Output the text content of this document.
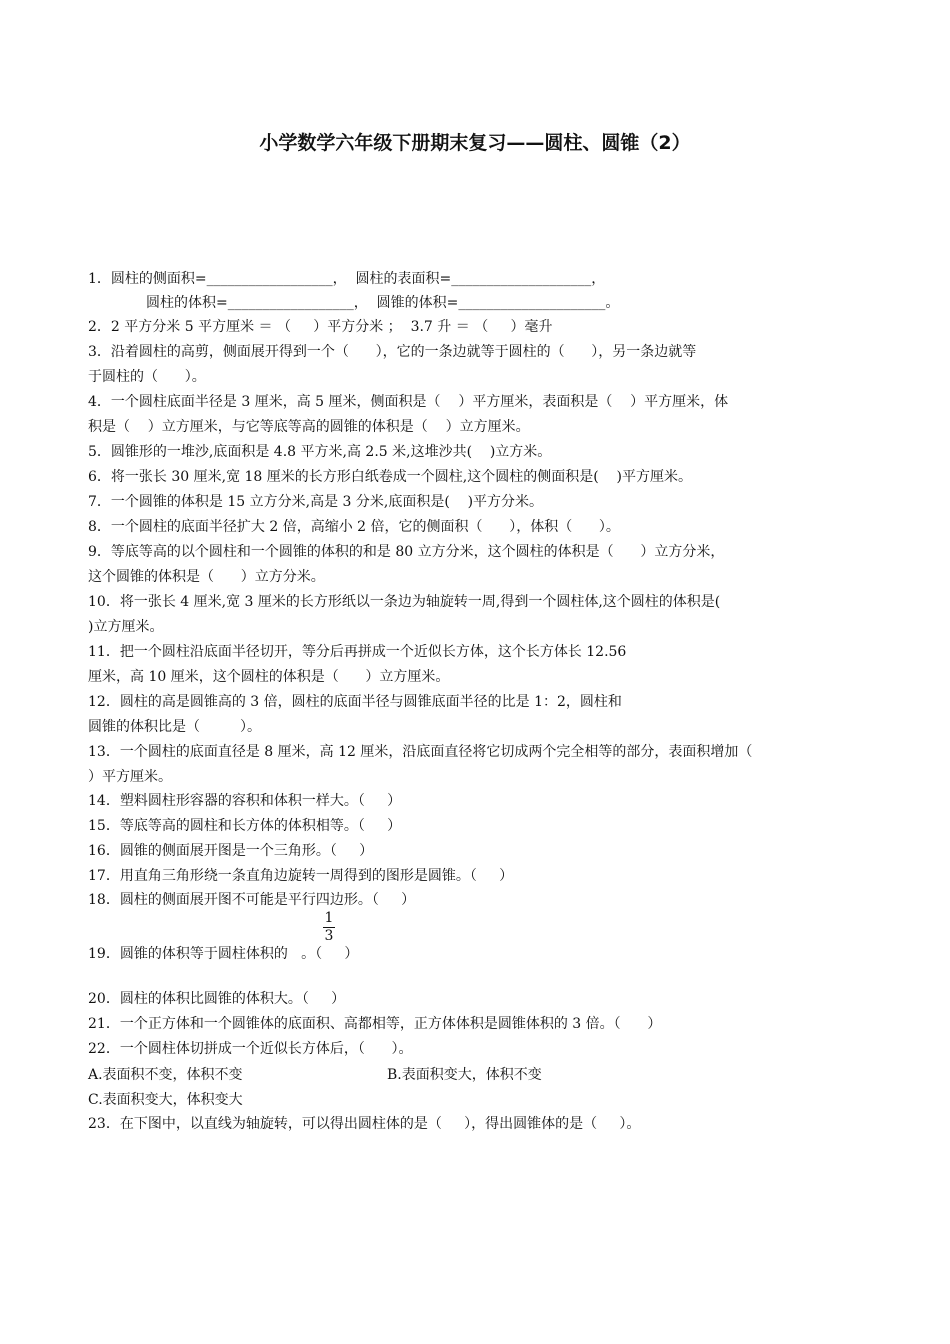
小学数学六年级下册期末复习——圆柱、圆锥（2）
1．圆柱的侧面积=__________________，  圆柱的表面积=____________________，
圆柱的体积=__________________，  圆锥的体积=_____________________。
2．2 平方分米 5 平方厘米 ＝ （     ）平方分米 ；  3.7 升 ＝ （     ）毫升
3．沿着圆柱的高剪，侧面展开得到一个（      ），它的一条边就等于圆柱的（      ），另一条边就等
于圆柱的（      ）。
4．一个圆柱底面半径是 3 厘米，高 5 厘米，侧面积是（    ）平方厘米，表面积是（    ）平方厘米，体
积是（    ）立方厘米，与它等底等高的圆锥的体积是（    ）立方厘米。
5．圆锥形的一堆沙,底面积是 4.8 平方米,高 2.5 米,这堆沙共(    )立方米。
6．将一张长 30 厘米,宽 18 厘米的长方形白纸卷成一个圆柱,这个圆柱的侧面积是(    )平方厘米。
7．一个圆锥的体积是 15 立方分米,高是 3 分米,底面积是(    )平方分米。
8．一个圆柱的底面半径扩大 2 倍，高缩小 2 倍，它的侧面积（      ），体积（      ）。
9．等底等高的以个圆柱和一个圆锥的体积的和是 80 立方分米，这个圆柱的体积是（      ）立方分米，
这个圆锥的体积是（      ）立方分米。
10．将一张长 4 厘米,宽 3 厘米的长方形纸以一条边为轴旋转一周,得到一个圆柱体,这个圆柱的体积是(
)立方厘米。
11．把一个圆柱沿底面半径切开，等分后再拼成一个近似长方体，这个长方体长 12.56
厘米，高 10 厘米，这个圆柱的体积是（      ）立方厘米。
12．圆柱的高是圆锥高的 3 倍，圆柱的底面半径与圆锥底面半径的比是 1：2，圆柱和
圆锥的体积比是（         ）。
13．一个圆柱的底面直径是 8 厘米，高 12 厘米，沿底面直径将它切成两个完全相等的部分，表面积增加（
）平方厘米。
14．塑料圆柱形容器的容积和体积一样大。（     ）
15．等底等高的圆柱和长方体的体积相等。（     ）
16．圆锥的侧面展开图是一个三角形。（     ）
17．用直角三角形绕一条直角边旋转一周得到的图形是圆锥。（     ）
18．圆柱的侧面展开图不可能是平行四边形。（     ）
19．圆锥的体积等于圆柱体积的   。（     ）
20．圆柱的体积比圆锥的体积大。（     ）
21．一个正方体和一个圆锥体的底面积、高都相等，正方体体积是圆锥体积的 3 倍。（      ）
22．一个圆柱体切拼成一个近似长方体后，（      ）。
A.表面积不变，体积不变	B.表面积变大，体积不变
C.表面积变大，体积变大
23．在下图中，以直线为轴旋转，可以得出圆柱体的是（     ），得出圆锥体的是（     ）。
1
3
